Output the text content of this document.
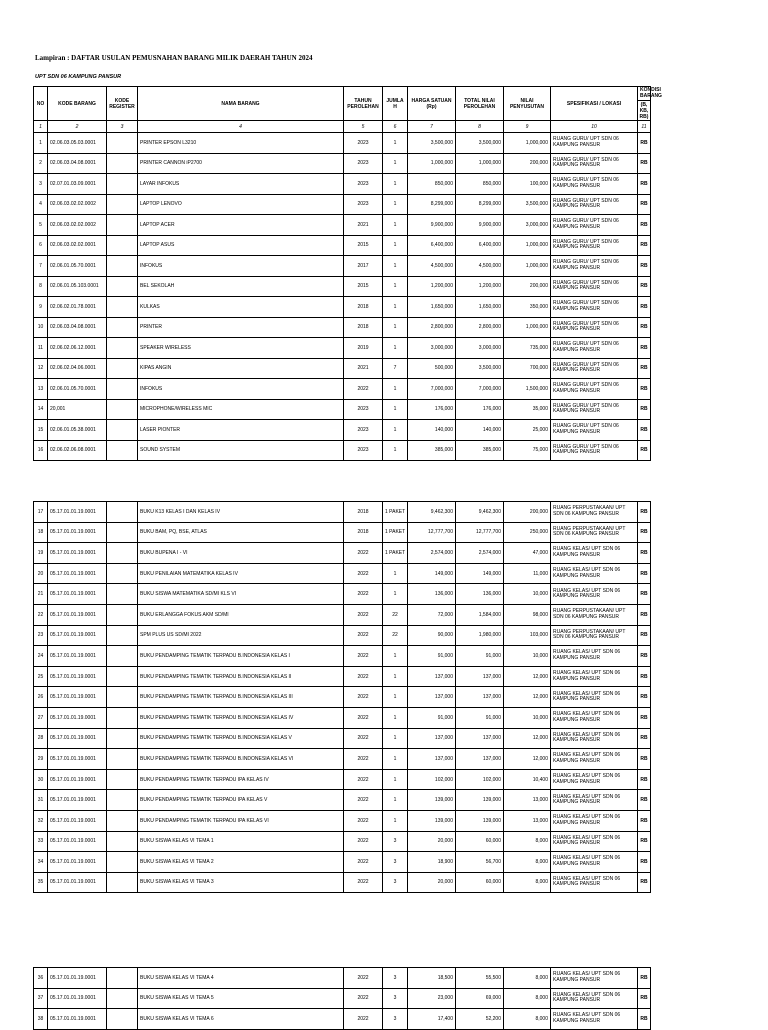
Lampiran : DAFTAR USULAN PEMUSNAHAN BARANG MILIK DAERAH TAHUN 2024
UPT SDN 06 KAMPUNG PANSUR
NO	KODE BARANG	KODE REGISTER	NAMA BARANG	TAHUN PEROLEHAN	JUMLA H	HARGA SATUAN (Rp)	TOTAL NILAI PEROLEHAN	NILAI PENYUSUTAN	SPESIFIKASI / LOKASI	KONDISI BARANG
(B, KB, RB)

1	2	3	4	5	6	7	8	9	10	11
1	02.06.03.05.03.0001		PRINTER EPSON L3210	2023	1	3,500,000	3,500,000	1,000,000	RUANG GURU/ UPT SDN 06 KAMPUNG PANSUR	RB
2	02.06.03.04.08.0001		PRINTER CANNON iP2700	2023	1	1,000,000	1,000,000	200,000	RUANG GURU/ UPT SDN 06 KAMPUNG PANSUR	RB
3	02.07.01.03.09.0001		LAYAR INFOKUS	2023	1	850,000	850,000	100,000	RUANG GURU/ UPT SDN 06 KAMPUNG PANSUR	RB
4	02.06.03.02.02.0002		LAPTOP LENOVO	2023	1	8,299,000	8,299,000	3,500,000	RUANG GURU/ UPT SDN 06 KAMPUNG PANSUR	RB
5	02.06.03.02.02.0002		LAPTOP ACER	2021	1	9,900,000	9,900,000	3,000,000	RUANG GURU/ UPT SDN 06 KAMPUNG PANSUR	RB
6	02.06.03.02.02.0001		LAPTOP ASUS	2015	1	6,400,000	6,400,000	1,000,000	RUANG GURU/ UPT SDN 06 KAMPUNG PANSUR	RB
7	02.06.01.05.70.0001		INFOKUS	2017	1	4,500,000	4,500,000	1,000,000	RUANG GURU/ UPT SDN 06 KAMPUNG PANSUR	RB
8	02.06.01.05.103.0001		BEL SEKOLAH	2015	1	1,200,000	1,200,000	200,000	RUANG GURU/ UPT SDN 06 KAMPUNG PANSUR	RB
9	02.06.02.01.78.0001		KULKAS	2018	1	1,650,000	1,650,000	350,000	RUANG GURU/ UPT SDN 06 KAMPUNG PANSUR	RB
10	02.06.03.04.08.0001		PRINTER	2018	1	2,800,000	2,800,000	1,000,000	RUANG GURU/ UPT SDN 06 KAMPUNG PANSUR	RB
11	02.06.02.06.12.0001		SPEAKER WIRELESS	2019	1	3,000,000	3,000,000	735,000	RUANG GURU/ UPT SDN 06 KAMPUNG PANSUR	RB
12	02.06.02.04.06.0001		KIPAS ANGIN	2021	7	500,000	3,500,000	700,000	RUANG GURU/ UPT SDN 06 KAMPUNG PANSUR	RB
13	02.06.01.05.70.0001		INFOKUS	2022	1	7,000,000	7,000,000	1,500,000	RUANG GURU/ UPT SDN 06 KAMPUNG PANSUR	RB
14	20,001		MICROPHONE/WIRELESS MIC	2023	1	176,000	176,000	35,000	RUANG GURU/ UPT SDN 06 KAMPUNG PANSUR	RB
15	02.06.01.05.38.0001		LASER PIONTER	2023	1	140,000	140,000	25,000	RUANG GURU/ UPT SDN 06 KAMPUNG PANSUR	RB
16	02.06.02.06.08.0001		SOUND SYSTEM	2023	1	385,000	385,000	75,000	RUANG GURU/ UPT SDN 06 KAMPUNG PANSUR	RB
17	05.17.01.01.19.0001		BUKU K13 KELAS I DAN KELAS IV	2018	1 PAKET	9,462,300	9,462,300	200,000	RUANG PERPUSTAKAAN/ UPT SDN 06 KAMPUNG PANSUR	RB
18	05.17.01.01.19.0001		BUKU BAM, PQ, BSE, ATLAS	2018	1 PAKET	12,777,700	12,777,700	250,000	RUANG PERPUSTAKAAN/ UPT SDN 06 KAMPUNG PANSUR	RB
19	05.17.01.01.19.0001		BUKU BUPENA I - VI	2022	1 PAKET	2,574,000	2,574,000	47,000	RUANG KELAS/ UPT SDN 06 KAMPUNG PANSUR	RB
20	05.17.01.01.19.0001		BUKU PENILAIAN MATEMATIKA KELAS IV	2022	1	149,000	149,000	11,000	RUANG KELAS/ UPT SDN 06 KAMPUNG PANSUR	RB
21	05.17.01.01.19.0001		BUKU SISWA MATEMATIKA SD/MI KLS VI	2022	1	136,000	136,000	10,000	RUANG KELAS/ UPT SDN 06 KAMPUNG PANSUR	RB
22	05.17.01.01.19.0001		BUKU ERLANGGA FOKUS AKM SD/MI	2022	22	72,000	1,584,000	98,000	RUANG PERPUSTAKAAN/ UPT SDN 06 KAMPUNG PANSUR	RB
23	05.17.01.01.19.0001		SPM PLUS US SD/MI 2022	2022	22	90,000	1,980,000	103,000	RUANG PERPUSTAKAAN/ UPT SDN 06 KAMPUNG PANSUR	RB
24	05.17.01.01.19.0001		BUKU PENDAMPING TEMATIK TERPADU B.INDONESIA KELAS I	2022	1	91,000	91,000	10,000	RUANG KELAS/ UPT SDN 06 KAMPUNG PANSUR	RB
25	05.17.01.01.19.0001		BUKU PENDAMPING TEMATIK TERPADU B.INDONESIA KELAS II	2022	1	137,000	137,000	12,000	RUANG KELAS/ UPT SDN 06 KAMPUNG PANSUR	RB
26	05.17.01.01.19.0001		BUKU PENDAMPING TEMATIK TERPADU B.INDONESIA KELAS III	2022	1	137,000	137,000	12,000	RUANG KELAS/ UPT SDN 06 KAMPUNG PANSUR	RB
27	05.17.01.01.19.0001		BUKU PENDAMPING TEMATIK TERPADU B.INDONESIA KELAS IV	2022	1	91,000	91,000	10,000	RUANG KELAS/ UPT SDN 06 KAMPUNG PANSUR	RB
28	05.17.01.01.19.0001		BUKU PENDAMPING TEMATIK TERPADU B.INDONESIA KELAS V	2022	1	137,000	137,000	12,000	RUANG KELAS/ UPT SDN 06 KAMPUNG PANSUR	RB
29	05.17.01.01.19.0001		BUKU PENDAMPING TEMATIK TERPADU B.INDONESIA KELAS VI	2022	1	137,000	137,000	12,000	RUANG KELAS/ UPT SDN 06 KAMPUNG PANSUR	RB
30	05.17.01.01.19.0001		BUKU PENDAMPING TEMATIK TERPADU IPA KELAS IV	2022	1	102,000	102,000	10,400	RUANG KELAS/ UPT SDN 06 KAMPUNG PANSUR	RB
31	05.17.01.01.19.0001		BUKU PENDAMPING TEMATIK TERPADU IPA KELAS V	2022	1	139,000	139,000	13,000	RUANG KELAS/ UPT SDN 06 KAMPUNG PANSUR	RB
32	05.17.01.01.19.0001		BUKU PENDAMPING TEMATIK TERPADU IPA KELAS VI	2022	1	139,000	139,000	13,000	RUANG KELAS/ UPT SDN 06 KAMPUNG PANSUR	RB
33	05.17.01.01.19.0001		BUKU SISWA KELAS VI TEMA 1	2022	3	20,000	60,000	8,000	RUANG KELAS/ UPT SDN 06 KAMPUNG PANSUR	RB
34	05.17.01.01.19.0001		BUKU SISWA KELAS VI TEMA 2	2022	3	18,900	56,700	8,000	RUANG KELAS/ UPT SDN 06 KAMPUNG PANSUR	RB
35	05.17.01.01.19.0001		BUKU SISWA KELAS VI TEMA 3	2022	3	20,000	60,000	8,000	RUANG KELAS/ UPT SDN 06 KAMPUNG PANSUR	RB
36	05.17.01.01.19.0001		BUKU SISWA KELAS VI TEMA 4	2022	3	18,500	55,500	8,000	RUANG KELAS/ UPT SDN 06 KAMPUNG PANSUR	RB
37	05.17.01.01.19.0001		BUKU SISWA KELAS VI TEMA 5	2022	3	23,000	69,000	8,000	RUANG KELAS/ UPT SDN 06 KAMPUNG PANSUR	RB
38	05.17.01.01.19.0001		BUKU SISWA KELAS VI TEMA 6	2022	3	17,400	52,200	8,000	RUANG KELAS/ UPT SDN 06 KAMPUNG PANSUR	RB
